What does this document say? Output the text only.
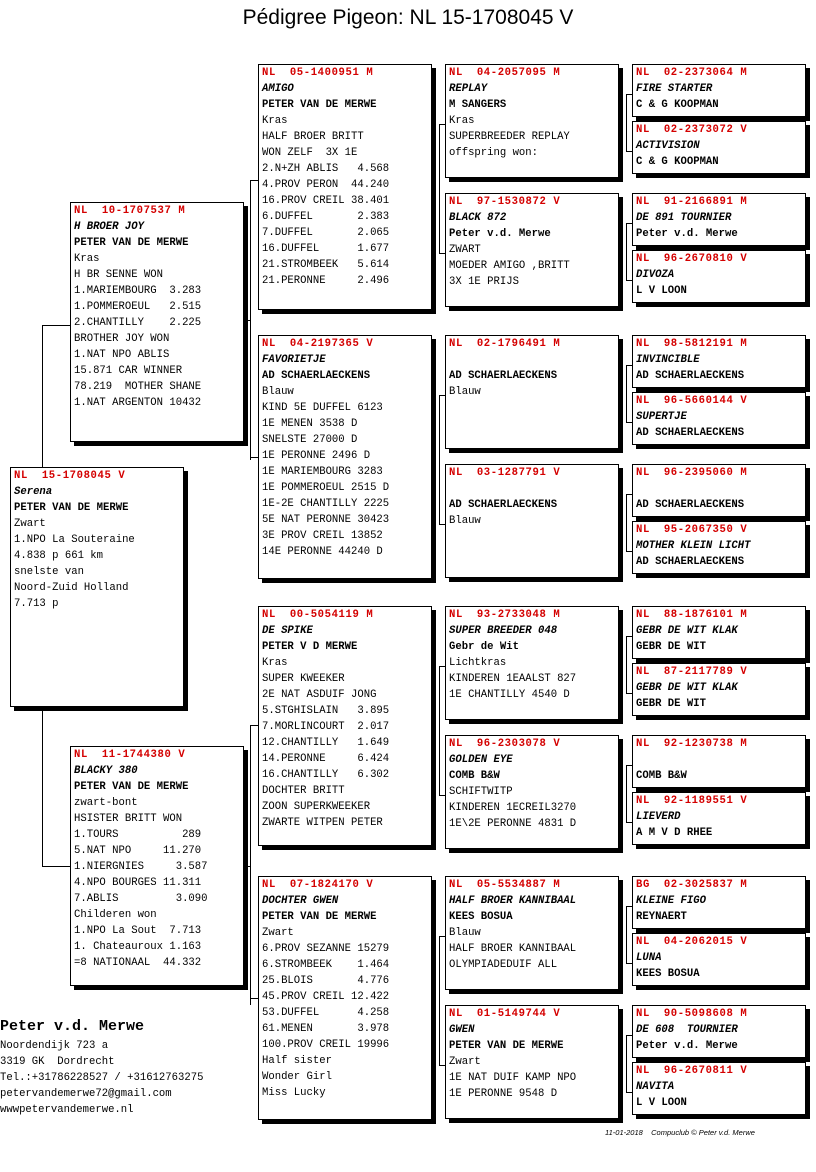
Pédigree Pigeon: NL 15-1708045 V
NL  15-1708045 V
Serena
PETER VAN DE MERWE
Zwart
1.NPO La Souteraine
4.838 p 661 km
snelste van
Noord-Zuid Holland
7.713 p
NL  10-1707537 M
H BROER JOY
PETER VAN DE MERWE
Kras
H BR SENNE WON
1.MARIEMBOURG  3.283
1.POMMEROEUL   2.515
2.CHANTILLY    2.225
BROTHER JOY WON
1.NAT NPO ABLIS
15.871 CAR WINNER
78.219  MOTHER SHANE
1.NAT ARGENTON 10432
NL  11-1744380 V
BLACKY 380
PETER VAN DE MERWE
zwart-bont
HSISTER BRITT WON
1.TOURS          289
5.NAT NPO     11.270
1.NIERGNIES     3.587
4.NPO BOURGES 11.311
7.ABLIS         3.090
Childeren won
1.NPO La Sout  7.713
1. Chateauroux 1.163
=8 NATIONAAL  44.332
NL  05-1400951 M
AMIGO
PETER VAN DE MERWE
Kras
HALF BROER BRITT
WON ZELF  3X 1E
2.N+ZH ABLIS   4.568
4.PROV PERON  44.240
16.PROV CREIL 38.401
6.DUFFEL       2.383
7.DUFFEL       2.065
16.DUFFEL      1.677
21.STROMBEEK   5.614
21.PERONNE     2.496
NL  04-2197365 V
FAVORIETJE
AD SCHAERLAECKENS
Blauw
KIND 5E DUFFEL 6123
1E MENEN 3538 D
SNELSTE 27000 D
1E PERONNE 2496 D
1E MARIEMBOURG 3283
1E POMMEROEUL 2515 D
1E-2E CHANTILLY 2225
5E NAT PERONNE 30423
3E PROV CREIL 13852
14E PERONNE 44240 D
NL  00-5054119 M
DE SPIKE
PETER V D MERWE
Kras
SUPER KWEEKER
2E NAT ASDUIF JONG
5.STGHISLAIN   3.895
7.MORLINCOURT  2.017
12.CHANTILLY   1.649
14.PERONNE     6.424
16.CHANTILLY   6.302
DOCHTER BRITT
ZOON SUPERKWEEKER
ZWARTE WITPEN PETER
NL  07-1824170 V
DOCHTER GWEN
PETER VAN DE MERWE
Zwart
6.PROV SEZANNE 15279
6.STROMBEEK    1.464
25.BLOIS       4.776
45.PROV CREIL 12.422
53.DUFFEL      4.258
61.MENEN       3.978
100.PROV CREIL 19996
Half sister
Wonder Girl
Miss Lucky
NL  04-2057095 M
REPLAY
M SANGERS
Kras
SUPERBREEDER REPLAY
offspring won:
NL  97-1530872 V
BLACK 872
Peter v.d. Merwe
ZWART
MOEDER AMIGO ,BRITT
3X 1E PRIJS
NL  02-1796491 M
AD SCHAERLAECKENS
Blauw
NL  03-1287791 V
AD SCHAERLAECKENS
Blauw
NL  93-2733048 M
SUPER BREEDER 048
Gebr de Wit
Lichtkras
KINDEREN 1EAALST 827
1E CHANTILLY 4540 D
NL  96-2303078 V
GOLDEN EYE
COMB B&W
SCHIFTWITP
KINDEREN 1ECREIL3270
1E\2E PERONNE 4831 D
NL  05-5534887 M
HALF BROER KANNIBAAL
KEES BOSUA
Blauw
HALF BROER KANNIBAAL
OLYMPIADEDUIF ALL
NL  01-5149744 V
GWEN
PETER VAN DE MERWE
Zwart
1E NAT DUIF KAMP NPO
1E PERONNE 9548 D
NL  02-2373064 M
FIRE STARTER
C & G KOOPMAN
NL  02-2373072 V
ACTIVISION
C & G KOOPMAN
NL  91-2166891 M
DE 891 TOURNIER
Peter v.d. Merwe
NL  96-2670810 V
DIVOZA
L V LOON
NL  98-5812191 M
INVINCIBLE
AD SCHAERLAECKENS
NL  96-5660144 V
SUPERTJE
AD SCHAERLAECKENS
NL  96-2395060 M
AD SCHAERLAECKENS
NL  95-2067350 V
MOTHER KLEIN LICHT
AD SCHAERLAECKENS
NL  88-1876101 M
GEBR DE WIT KLAK
GEBR DE WIT
NL  87-2117789 V
GEBR DE WIT KLAK
GEBR DE WIT
NL  92-1230738 M
COMB B&W
NL  92-1189551 V
LIEVERD
A M V D RHEE
BG  02-3025837 M
KLEINE FIGO
REYNAERT
NL  04-2062015 V
LUNA
KEES BOSUA
NL  90-5098608 M
DE 608  TOURNIER
Peter v.d. Merwe
NL  96-2670811 V
NAVITA
L V LOON
Peter v.d. Merwe
Noordendijk 723 a
3319 GK  Dordrecht
Tel.:+31786228527 / +31612763275
petervandemerwe72@gmail.com
wwwpetervandemerwe.nl
11-01-2018    Compuclub © Peter v.d. Merwe
